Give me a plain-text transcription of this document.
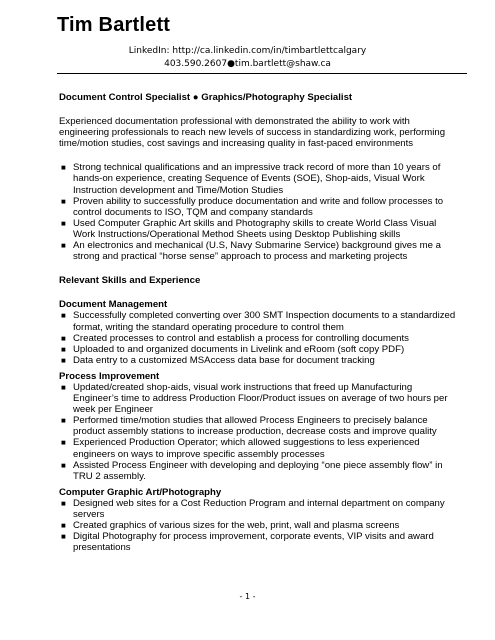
Tim Bartlett
LinkedIn: http://ca.linkedin.com/in/timbartlettcalgary
403.590.2607●tim.bartlett@shaw.ca

Document Control Specialist ● Graphics/Photography Specialist

Experienced documentation professional with demonstrated the ability to work with engineering professionals to reach new levels of success in standardizing work, performing time/motion studies, cost savings and increasing quality in fast-paced environments

■ Strong technical qualifications and an impressive track record of more than 10 years of hands-on experience, creating Sequence of Events (SOE), Shop-aids, Visual Work Instruction development and Time/Motion Studies
■ Proven ability to successfully produce documentation and write and follow processes to control documents to ISO, TQM and company standards
■ Used Computer Graphic Art skills and Photography skills to create World Class Visual Work Instructions/Operational Method Sheets using Desktop Publishing skills
■ An electronics and mechanical (U.S, Navy Submarine Service) background gives me a strong and practical “horse sense” approach to process and marketing projects

Relevant Skills and Experience

Document Management

■ Successfully completed converting over 300 SMT Inspection documents to a standardized format, writing the standard operating procedure to control them
■ Created processes to control and establish a process for controlling documents
■ Uploaded to and organized documents in Livelink and eRoom (soft copy PDF)
■ Data entry to a customized MSAccess data base for document tracking

Process Improvement

■ Updated/created shop-aids, visual work instructions that freed up Manufacturing Engineer’s time to address Production Floor/Product issues on average of two hours per week per Engineer
■ Performed time/motion studies that allowed Process Engineers to precisely balance product assembly stations to increase production, decrease costs and improve quality
■ Experienced Production Operator; which allowed suggestions to less experienced engineers on ways to improve specific assembly processes
■ Assisted Process Engineer with developing and deploying “one piece assembly flow” in TRU 2 assembly.

Computer Graphic Art/Photography

■ Designed web sites for a Cost Reduction Program and internal department on company servers
■ Created graphics of various sizes for the web, print, wall and plasma screens
■ Digital Photography for process improvement, corporate events, VIP visits and award presentations
- 1 -
